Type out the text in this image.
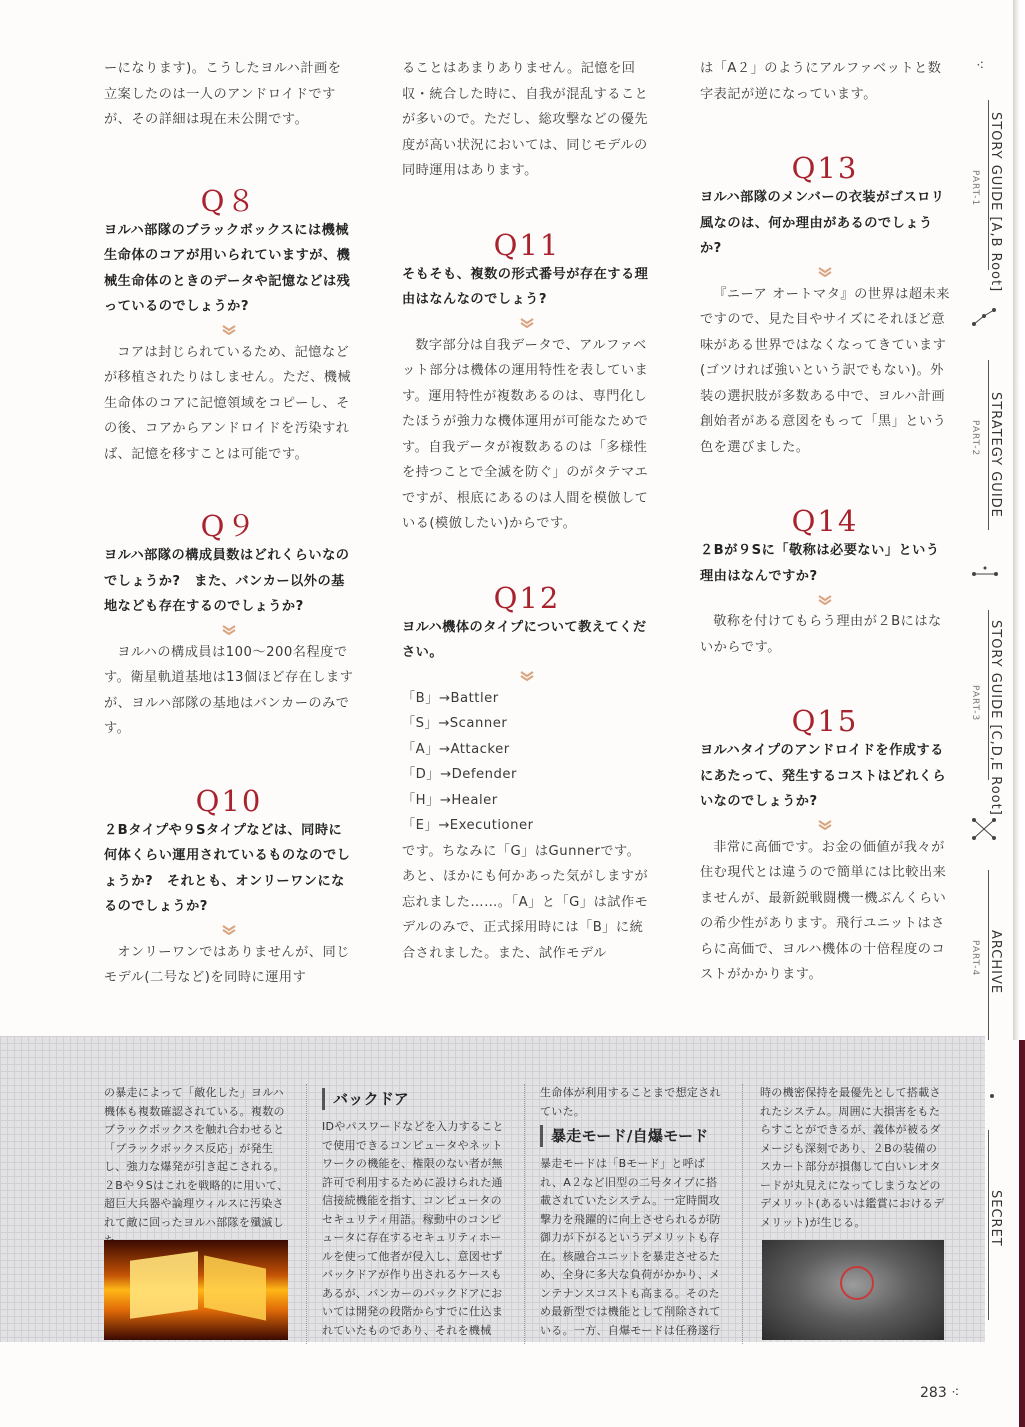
ーになります)。こうしたヨルハ計画を立案したのは一人のアンドロイドですが、その詳細は現在未公開です。

Q８

ヨルハ部隊のブラックボックスには機械生命体のコアが用いられていますが、機械生命体のときのデータや記憶などは残っているのでしょうか?

コアは封じられているため、記憶などが移植されたりはしません。ただ、機械生命体のコアに記憶領域をコピーし、その後、コアからアンドロイドを汚染すれば、記憶を移すことは可能です。

Q９

ヨルハ部隊の構成員数はどれくらいなのでしょうか?　また、バンカー以外の基地なども存在するのでしょうか?

ヨルハの構成員は100〜200名程度です。衛星軌道基地は13個ほど存在しますが、ヨルハ部隊の基地はバンカーのみです。

Q10

２Bタイプや９Sタイプなどは、同時に何体くらい運用されているものなのでしょうか?　それとも、オンリーワンになるのでしょうか?

オンリーワンではありませんが、同じモデル(二号など)を同時に運用す

ることはあまりありません。記憶を回収・統合した時に、自我が混乱することが多いので。ただし、総攻撃などの優先度が高い状況においては、同じモデルの同時運用はあります。

Q11

そもそも、複数の形式番号が存在する理由はなんなのでしょう?

数字部分は自我データで、アルファベット部分は機体の運用特性を表しています。運用特性が複数あるのは、専門化したほうが強力な機体運用が可能なためです。自我データが複数あるのは「多様性を持つことで全滅を防ぐ」のがタテマエですが、根底にあるのは人間を模倣している(模倣したい)からです。

Q12

ヨルハ機体のタイプについて教えてください。

「B」→Battler

「S」→Scanner

「A」→Attacker

「D」→Defender

「H」→Healer

「E」→Executioner

です。ちなみに「G」はGunnerです。あと、ほかにも何かあった気がしますが忘れました……。「A」と「G」は試作モデルのみで、正式採用時には「B」に統合されました。また、試作モデル

は「A２」のようにアルファベットと数字表記が逆になっています。

Q13

ヨルハ部隊のメンバーの衣装がゴスロリ風なのは、何か理由があるのでしょうか?

『ニーア オートマタ』の世界は超未来ですので、見た目やサイズにそれほど意味がある世界ではなくなってきています(ゴツければ強いという訳でもない)。外装の選択肢が多数ある中で、ヨルハ計画創始者がある意図をもって「黒」という色を選びました。

Q14

２Bが９Sに「敬称は必要ない」という理由はなんですか?

敬称を付けてもらう理由が２Bにはないからです。

Q15

ヨルハタイプのアンドロイドを作成するにあたって、発生するコストはどれくらいなのでしょうか?

非常に高価です。お金の価値が我々が住む現代とは違うので簡単には比較出来ませんが、最新鋭戦闘機一機ぶんくらいの希少性があります。飛行ユニットはさらに高価で、ヨルハ機体の十倍程度のコストがかかります。

⁖
STORY GUIDE [A,B Root]
PART-1
STRATEGY GUIDE
PART-2
STORY GUIDE [C,D,E Root]
PART-3
ARCHIVE
PART-4
SECRET

の暴走によって「敵化した」ヨルハ機体も複数確認されている。複数のブラックボックスを触れ合わせると「ブラックボックス反応」が発生し、強力な爆発が引き起こされる。２Bや９Sはこれを戦略的に用いて、超巨大兵器や論理ウィルスに汚染されて敵に回ったヨルハ部隊を殲滅し

バックドア

IDやパスワードなどを入力することで使用できるコンピュータやネットワークの機能を、権限のない者が無許可で利用するために設けられた通信接続機能を指す、コンピュータのセキュリティ用語。稼動中のコンピュータに存在するセキュリティホールを使って他者が侵入し、意図せずバックドアが作り出されるケースもあるが、バンカーのバックドアにおいては開発の段階からすでに仕込まれていたものであり、それを機械

生命体が利用することまで想定されていた。

暴走モード/自爆モード

暴走モードは「Bモード」と呼ばれ、A２など旧型の二号タイプに搭載されていたシステム。一定時間攻撃力を飛躍的に向上させられるが防御力が下がるというデメリットも存在。核融合ユニットを暴走させるため、全身に多大な負荷がかかり、メンテナンスコストも高まる。そのため最新型では機能として削除されている。一方、自爆モードは任務遂行

時の機密保持を最優先として搭載されたシステム。周囲に大損害をもたらすことができるが、義体が被るダメージも深刻であり、２Bの装備のスカート部分が損傷して白いレオタードが丸見えになってしまうなどのデメリット(あるいは鑑賞におけるデメリット)が生じる。

283 ⁖
